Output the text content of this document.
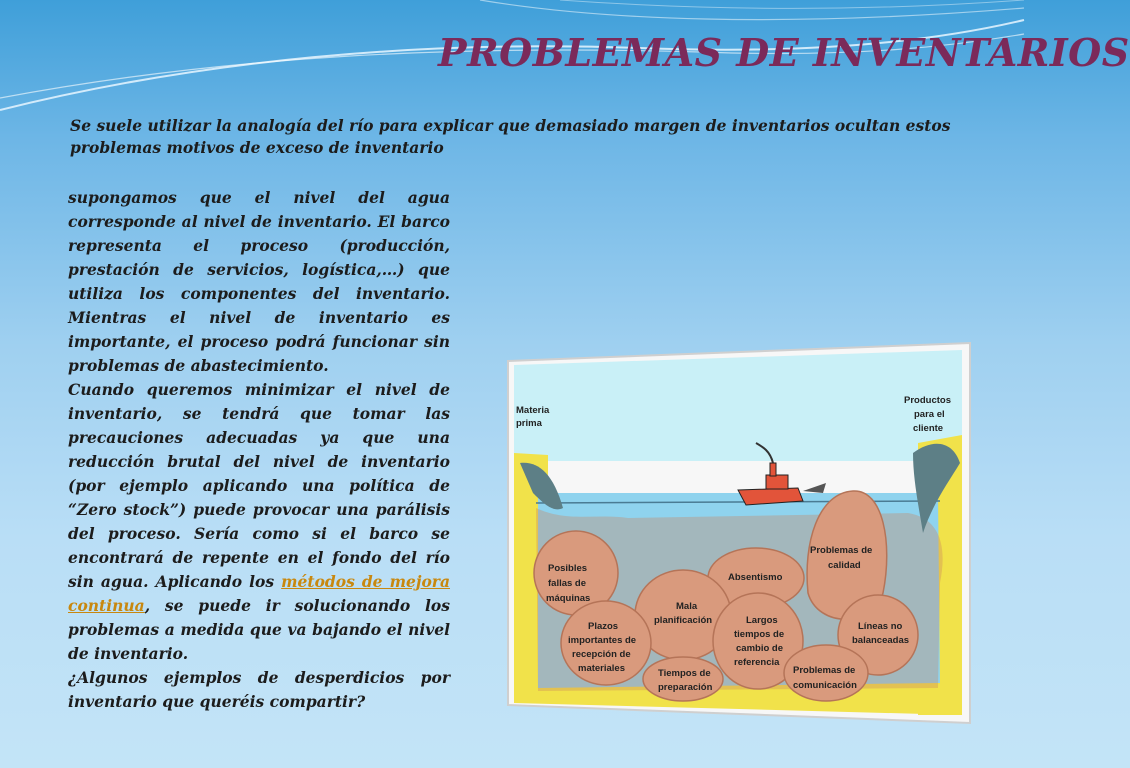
PROBLEMAS DE INVENTARIOS
Se suele utilizar la analogía del río para explicar que demasiado margen de inventarios ocultan estos problemas motivos de exceso de inventario

supongamos que el nivel del agua corresponde al nivel de inventario. El barco representa el proceso (producción, prestación de servicios, logística,…) que utiliza los componentes del inventario. Mientras el nivel de inventario es importante, el proceso podrá funcionar sin problemas de abastecimiento.

Cuando queremos minimizar el nivel de inventario, se tendrá que tomar las precauciones adecuadas ya que una reducción brutal del nivel de inventario (por ejemplo aplicando una política de “Zero stock”) puede provocar una parálisis del proceso. Sería como si el barco se encontrará de repente en el fondo del río sin agua. Aplicando los métodos de mejora continua, se puede ir solucionando los problemas a medida que va bajando el nivel de inventario.

¿Algunos ejemplos de desperdicios por inventario que queréis compartir?

Materia
prima
Productos
para el
cliente
Posibles
fallas de
máquinas
Problemas de
calidad
Absentismo
Mala
planificación
Plazos
importantes de
recepción de
materiales
Largos
tiempos de
cambio de
referencia
Líneas no
balanceadas
Tiempos de
preparación
Problemas de
comunicación
